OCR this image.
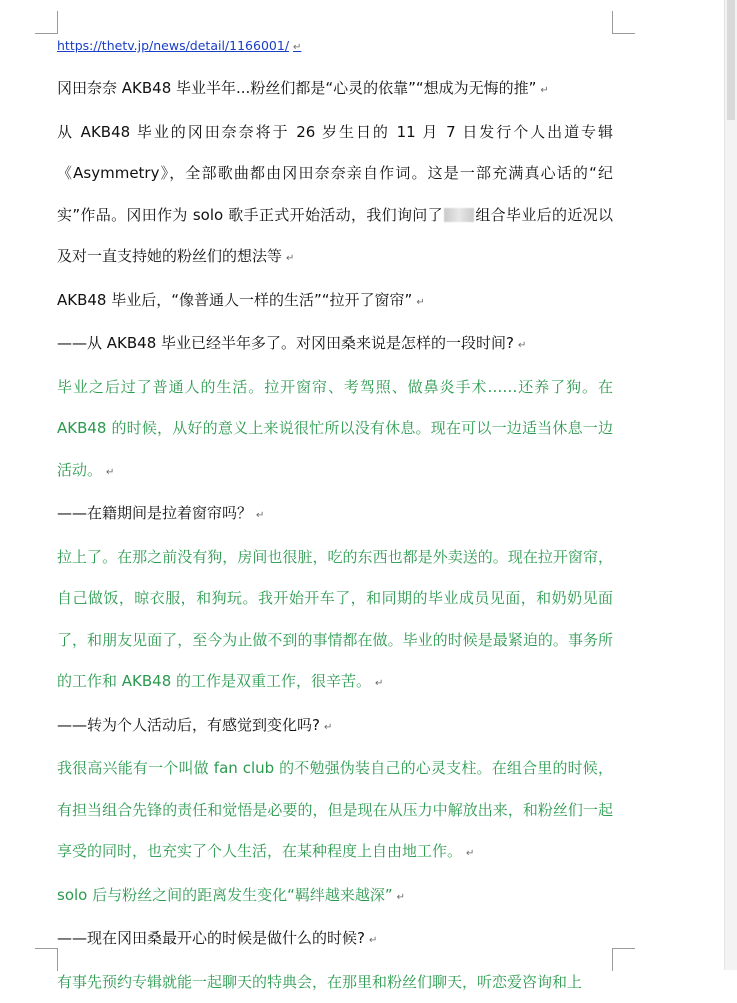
https://thetv.jp/news/detail/1166001/ ↵

冈田奈奈 AKB48 毕业半年...粉丝们都是“心灵的依靠”“想成为无悔的推” ↵

从 AKB48 毕业的冈田奈奈将于 26 岁生日的 11 月 7 日发行个人出道专辑《Asymmetry》，全部歌曲都由冈田奈奈亲自作词。这是一部充满真心话的“纪实”作品。冈田作为 solo 歌手正式开始活动，我们询问了 组合毕业后的近况以及对一直支持她的粉丝们的想法等 ↵

AKB48 毕业后，“像普通人一样的生活”“拉开了窗帘” ↵

——从 AKB48 毕业已经半年多了。对冈田桑来说是怎样的一段时间? ↵

毕业之后过了普通人的生活。拉开窗帘、考驾照、做鼻炎手术……还养了狗。在 AKB48 的时候，从好的意义上来说很忙所以没有休息。现在可以一边适当休息一边活动。 ↵

——在籍期间是拉着窗帘吗？ ↵

拉上了。在那之前没有狗，房间也很脏，吃的东西也都是外卖送的。现在拉开窗帘，自己做饭，晾衣服，和狗玩。我开始开车了，和同期的毕业成员见面，和奶奶见面了，和朋友见面了，至今为止做不到的事情都在做。毕业的时候是最紧迫的。事务所的工作和 AKB48 的工作是双重工作，很辛苦。 ↵

——转为个人活动后，有感觉到变化吗? ↵

我很高兴能有一个叫做 fan club 的不勉强伪装自己的心灵支柱。在组合里的时候，有担当组合先锋的责任和觉悟是必要的，但是现在从压力中解放出来，和粉丝们一起享受的同时，也充实了个人生活，在某种程度上自由地工作。 ↵

solo 后与粉丝之间的距离发生变化“羁绊越来越深” ↵

——现在冈田桑最开心的时候是做什么的时候? ↵

有事先预约专辑就能一起聊天的特典会，在那里和粉丝们聊天，听恋爱咨询和上
